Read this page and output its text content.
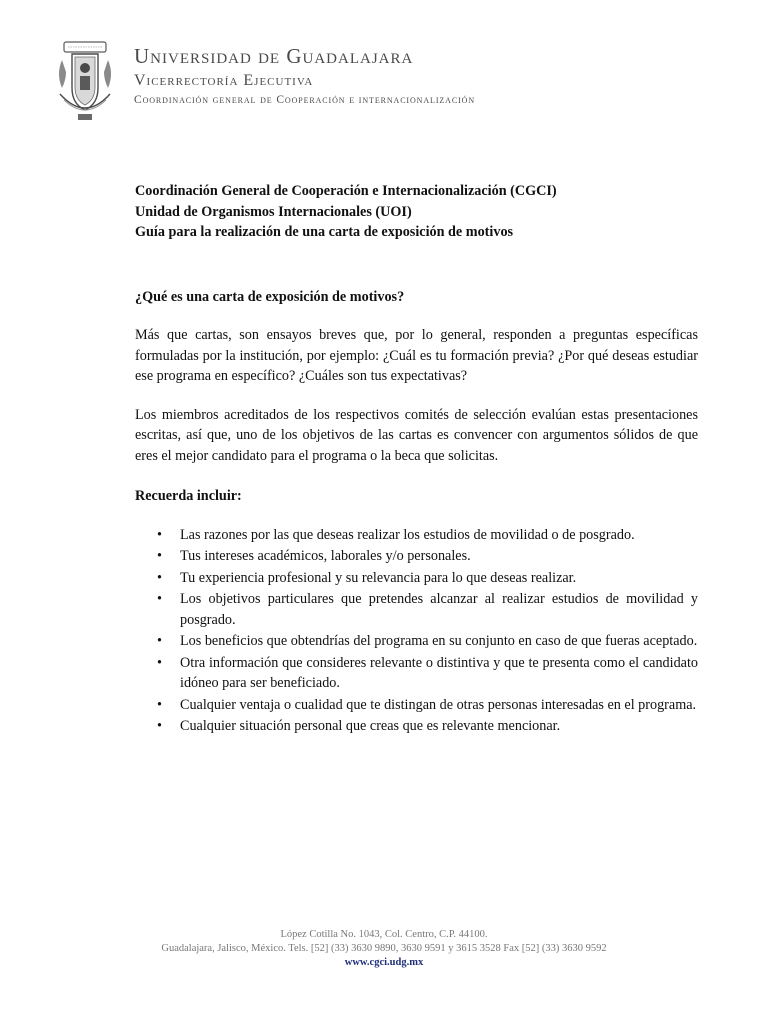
Universidad de Guadalajara
Vicerrectoría Ejecutiva
Coordinación general de Cooperación e internacionalización

Coordinación General de Cooperación e Internacionalización (CGCI)

Unidad de Organismos Internacionales (UOI)

Guía para la realización de una carta de exposición de motivos

¿Qué es una carta de exposición de motivos?

Más que cartas, son ensayos breves que, por lo general, responden a preguntas específicas formuladas por la institución, por ejemplo: ¿Cuál es tu formación previa? ¿Por qué deseas estudiar ese programa en específico? ¿Cuáles son tus expectativas?

Los miembros acreditados de los respectivos comités de selección evalúan estas presentaciones escritas, así que, uno de los objetivos de las cartas es convencer con argumentos sólidos de que eres el mejor candidato para el programa o la beca que solicitas.

Recuerda incluir:

• Las razones por las que deseas realizar los estudios de movilidad o de posgrado.
• Tus intereses académicos, laborales y/o personales.
• Tu experiencia profesional y su relevancia para lo que deseas realizar.
• Los objetivos particulares que pretendes alcanzar al realizar estudios de movilidad y posgrado.
• Los beneficios que obtendrías del programa en su conjunto en caso de que fueras aceptado.
• Otra información que consideres relevante o distintiva y que te presenta como el candidato idóneo para ser beneficiado.
• Cualquier ventaja o cualidad que te distingan de otras personas interesadas en el programa.
• Cualquier situación personal que creas que es relevante mencionar.
López Cotilla No. 1043, Col. Centro, C.P. 44100.
Guadalajara, Jalisco, México. Tels. [52] (33) 3630 9890, 3630 9591 y 3615 3528 Fax [52] (33) 3630 9592
www.cgci.udg.mx
